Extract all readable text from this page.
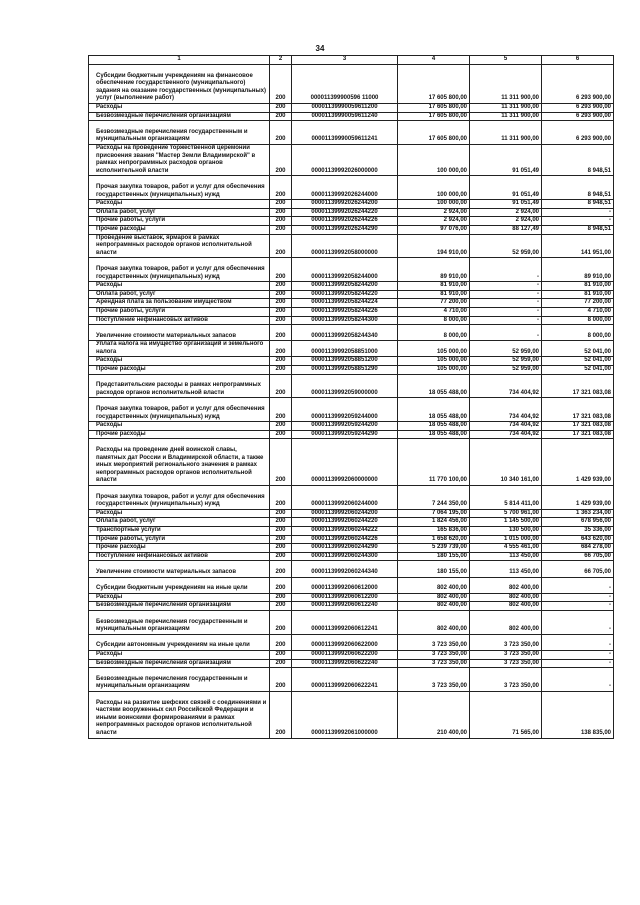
34
1	2	3	4	5	6
Субсидии бюджетным учреждениям на финансовое обеспечение государственного (муниципального) задания на оказание государственных (муниципальных) услуг (выполнение работ)	200	000011399900596 11000	17 605 800,00	11 311 900,00	6 293 900,00
Расходы	200	00001139990059611200	17 605 800,00	11 311 900,00	6 293 900,00
Безвозмездные перечисления организациям	200	00001139990059611240	17 605 800,00	11 311 900,00	6 293 900,00
Безвозмездные перечисления государственным и муниципальным организациям	200	00001139990059611241	17 605 800,00	11 311 900,00	6 293 900,00
Расходы на проведение торжественной церемонии присвоения звания "Мастер Земли Владимирской" в рамках непрограммных расходов органов исполнительной власти	200	00001139992026000000	100 000,00	91 051,49	8 948,51
Прочая закупка товаров, работ и услуг для обеспечения государственных (муниципальных) нужд	200	00001139992026244000	100 000,00	91 051,49	8 948,51
Расходы	200	00001139992026244200	100 000,00	91 051,49	8 948,51
Оплата работ, услуг	200	00001139992026244220	2 924,00	2 924,00	-
Прочие работы, услуги	200	00001139992026244226	2 924,00	2 924,00	-
Прочие расходы	200	00001139992026244290	97 076,00	88 127,49	8 948,51
Проведение выставок, ярмарок в рамках непрограммных расходов органов исполнительной власти	200	00001139992058000000	194 910,00	52 959,00	141 951,00
Прочая закупка товаров, работ и услуг для обеспечения государственных (муниципальных) нужд	200	00001139992058244000	89 910,00	-	89 910,00
Расходы	200	00001139992058244200	81 910,00	-	81 910,00
Оплата работ, услуг	200	00001139992058244220	81 910,00	-	81 910,00
Арендная плата за пользование имуществом	200	00001139992058244224	77 200,00	-	77 200,00
Прочие работы, услуги	200	00001139992058244226	4 710,00	-	4 710,00
Поступление нефинансовых активов	200	00001139992058244300	8 000,00	-	8 000,00
Увеличение стоимости материальных запасов	200	00001139992058244340	8 000,00	-	8 000,00
Уплата налога на имущество организаций и земельного налога	200	00001139992058851000	105 000,00	52 959,00	52 041,00
Расходы	200	00001139992058851200	105 000,00	52 959,00	52 041,00
Прочие расходы	200	00001139992058851290	105 000,00	52 959,00	52 041,00
Представительские расходы в рамках непрограммных расходов органов исполнительной власти	200	00001139992059000000	18 055 488,00	734 404,92	17 321 083,08
Прочая закупка товаров, работ и услуг для обеспечения государственных (муниципальных) нужд	200	00001139992059244000	18 055 488,00	734 404,92	17 321 083,08
Расходы	200	00001139992059244200	18 055 488,00	734 404,92	17 321 083,08
Прочие расходы	200	00001139992059244290	18 055 488,00	734 404,92	17 321 083,08
Расходы на проведение дней воинской славы, памятных дат России и Владимирской области, а также иных мероприятий регионального значения в рамках непрограммных расходов органов исполнительной власти	200	00001139992060000000	11 770 100,00	10 340 161,00	1 429 939,00
Прочая закупка товаров, работ и услуг для обеспечения государственных (муниципальных) нужд	200	00001139992060244000	7 244 350,00	5 814 411,00	1 429 939,00
Расходы	200	00001139992060244200	7 064 195,00	5 700 961,00	1 363 234,00
Оплата работ, услуг	200	00001139992060244220	1 824 456,00	1 145 500,00	678 956,00
Транспортные услуги	200	00001139992060244222	165 836,00	130 500,00	35 336,00
Прочие работы, услуги	200	00001139992060244226	1 658 620,00	1 015 000,00	643 620,00
Прочие расходы	200	00001139992060244290	5 239 739,00	4 555 461,00	684 278,00
Поступление нефинансовых активов	200	00001139992060244300	180 155,00	113 450,00	66 705,00
Увеличение стоимости материальных запасов	200	00001139992060244340	180 155,00	113 450,00	66 705,00
Субсидии бюджетным учреждениям на иные цели	200	00001139992060612000	802 400,00	802 400,00	-
Расходы	200	00001139992060612200	802 400,00	802 400,00	-
Безвозмездные перечисления организациям	200	00001139992060612240	802 400,00	802 400,00	-
Безвозмездные перечисления государственным и муниципальным организациям	200	00001139992060612241	802 400,00	802 400,00	-
Субсидии автономным учреждениям на иные цели	200	00001139992060622000	3 723 350,00	3 723 350,00	-
Расходы	200	00001139992060622200	3 723 350,00	3 723 350,00	-
Безвозмездные перечисления организациям	200	00001139992060622240	3 723 350,00	3 723 350,00	-
Безвозмездные перечисления государственным и муниципальным организациям	200	00001139992060622241	3 723 350,00	3 723 350,00	-
Расходы на развитие шефских связей с соединениями и частями вооруженных сил Российской Федерации и иными воинскими формированиями в рамках непрограммных расходов органов исполнительной власти	200	00001139992061000000	210 400,00	71 565,00	138 835,00
